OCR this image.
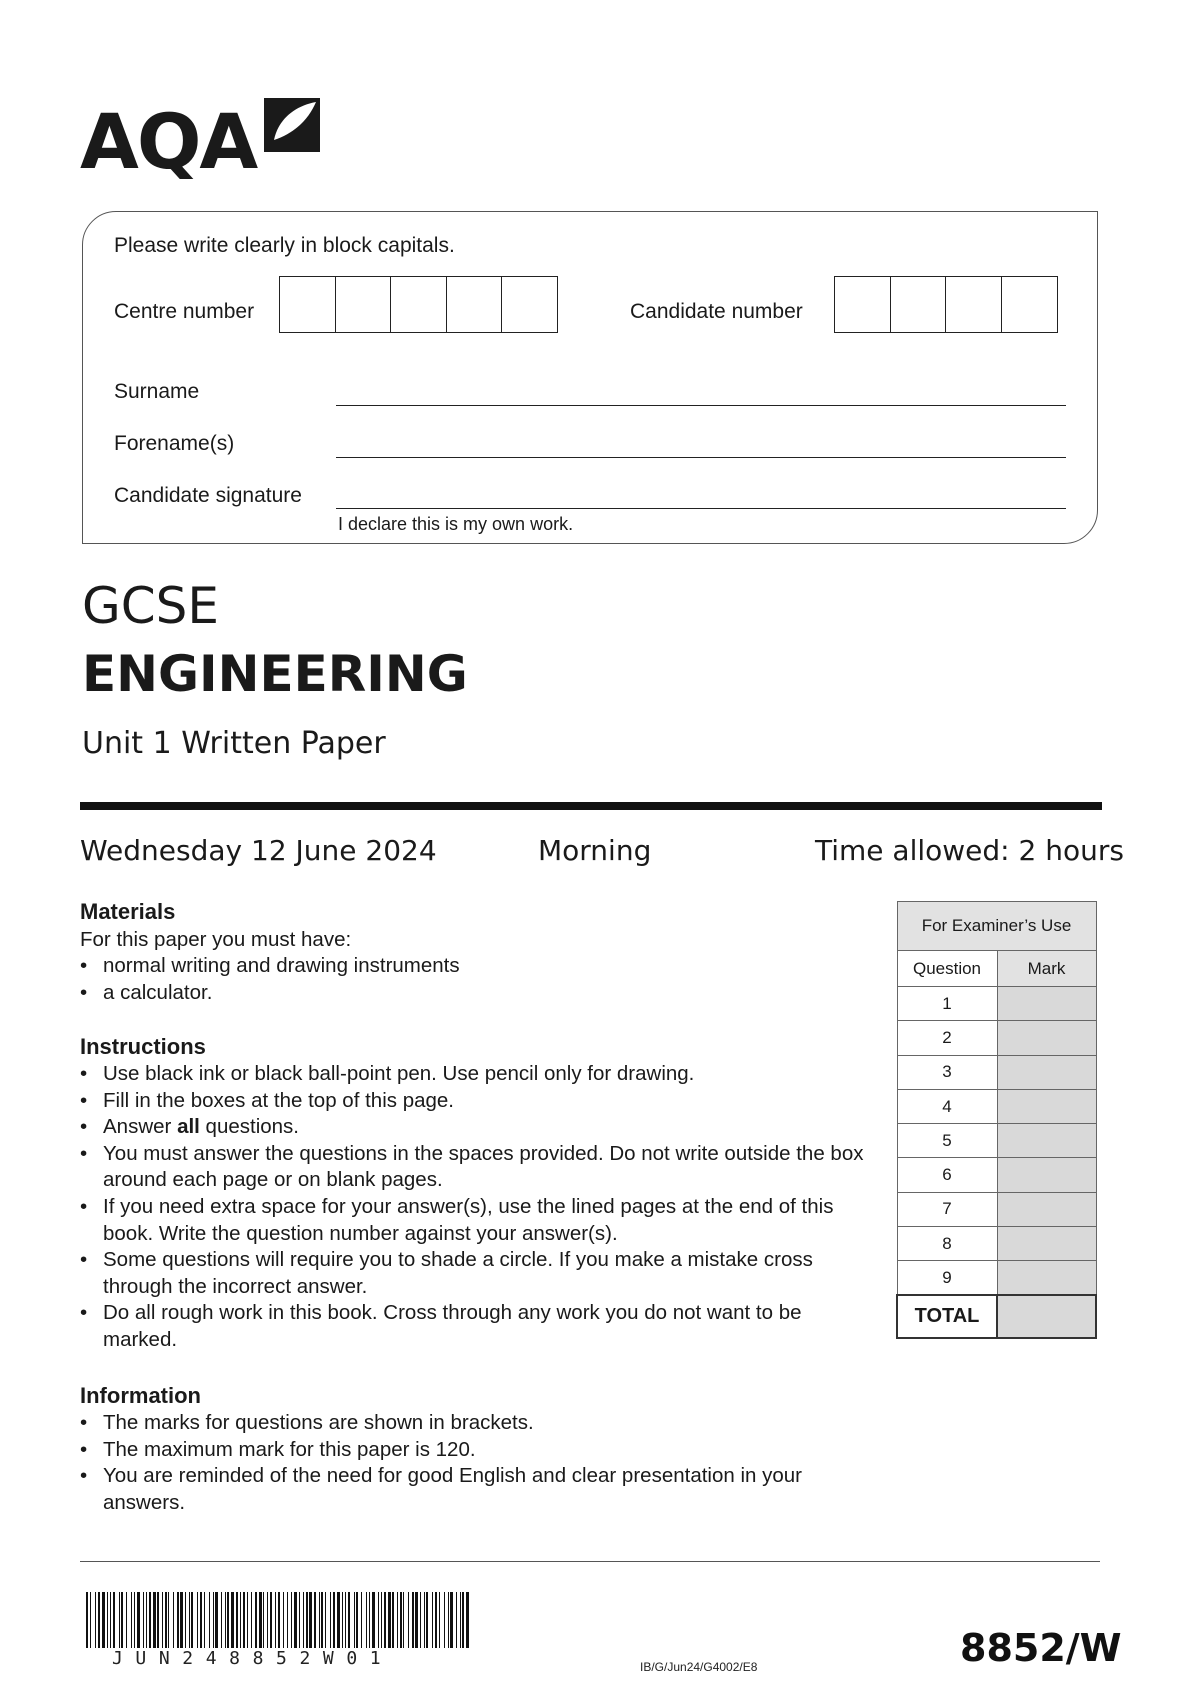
AQA
Please write clearly in block capitals.
Centre number	Candidate number
Surname
Forename(s)
Candidate signature
I declare this is my own work.
GCSE
ENGINEERING
Unit 1 Written Paper
Wednesday 12 June 2024	Morning	Time allowed: 2 hours
Materials

For this paper you must have:

• normal writing and drawing instruments
• a calculator.
Instructions
• Use black ink or black ball-point pen. Use pencil only for drawing.
• Fill in the boxes at the top of this page.
• Answer all questions.
• You must answer the questions in the spaces provided. Do not write outside the box around each page or on blank pages.
• If you need extra space for your answer(s), use the lined pages at the end of this book. Write the question number against your answer(s).
• Some questions will require you to shade a circle. If you make a mistake cross through the incorrect answer.
• Do all rough work in this book. Cross through any work you do not want to be marked.
Information
• The marks for questions are shown in brackets.
• The maximum mark for this paper is 120.
• You are reminded of the need for good English and clear presentation in your answers.
For Examiner’s Use	
Question	Mark
1	
2	
3	
4	
5	
6	
7	
8	
9	
TOTAL	
JUN248852W01	IB/G/Jun24/G4002/E8	8852/W
